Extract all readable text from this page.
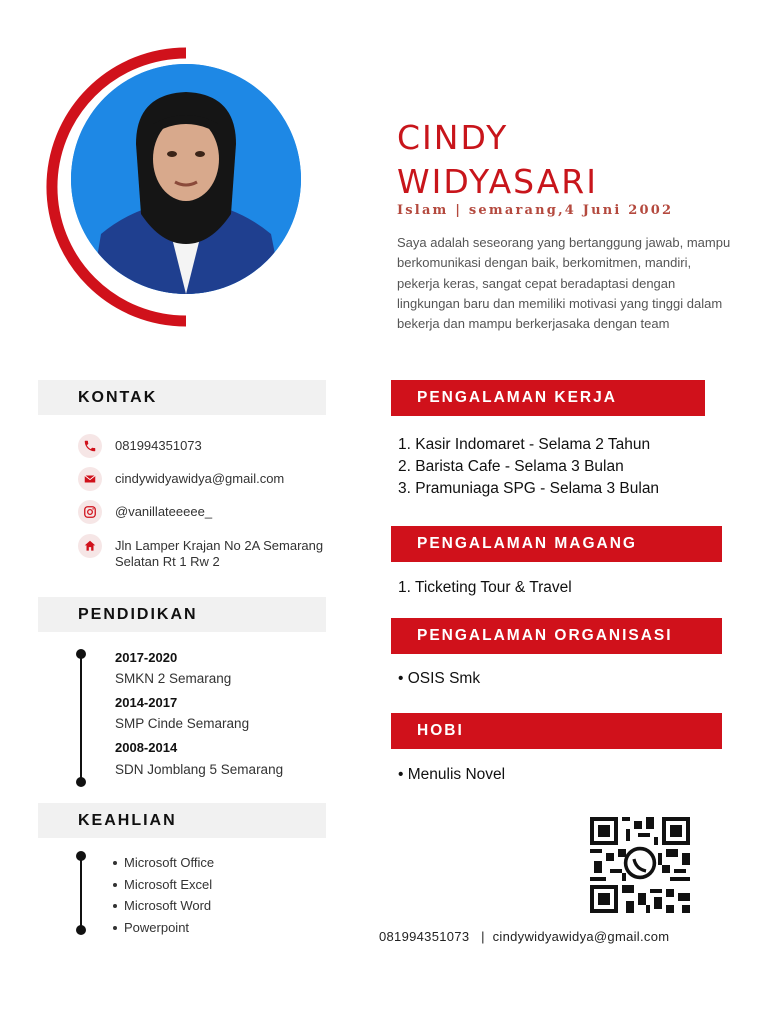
CINDY
WIDYASARI
Islam | semarang,4 Juni 2002
Saya adalah seseorang yang bertanggung jawab, mampu berkomunikasi dengan baik, berkomitmen, mandiri, pekerja keras, sangat cepat beradaptasi dengan lingkungan baru dan memiliki motivasi yang tinggi dalam bekerja dan mampu berkerjasaka dengan team
KONTAK
081994351073
cindywidyawidya@gmail.com
@vanillateeeee_
Jln Lamper Krajan No 2A Semarang
Selatan Rt 1 Rw 2
PENDIDIKAN
2017-2020
SMKN 2 Semarang
2014-2017
SMP Cinde Semarang
2008-2014
SDN Jomblang 5 Semarang
KEAHLIAN
Microsoft Office
Microsoft Excel
Microsoft Word
Powerpoint
PENGALAMAN KERJA
1. Kasir Indomaret - Selama 2 Tahun
2. Barista Cafe - Selama 3 Bulan
3. Pramuniaga SPG - Selama 3 Bulan
PENGALAMAN MAGANG
1. Ticketing Tour & Travel
PENGALAMAN ORGANISASI
• OSIS Smk
HOBI
• Menulis Novel
081994351073   |  cindywidyawidya@gmail.com
